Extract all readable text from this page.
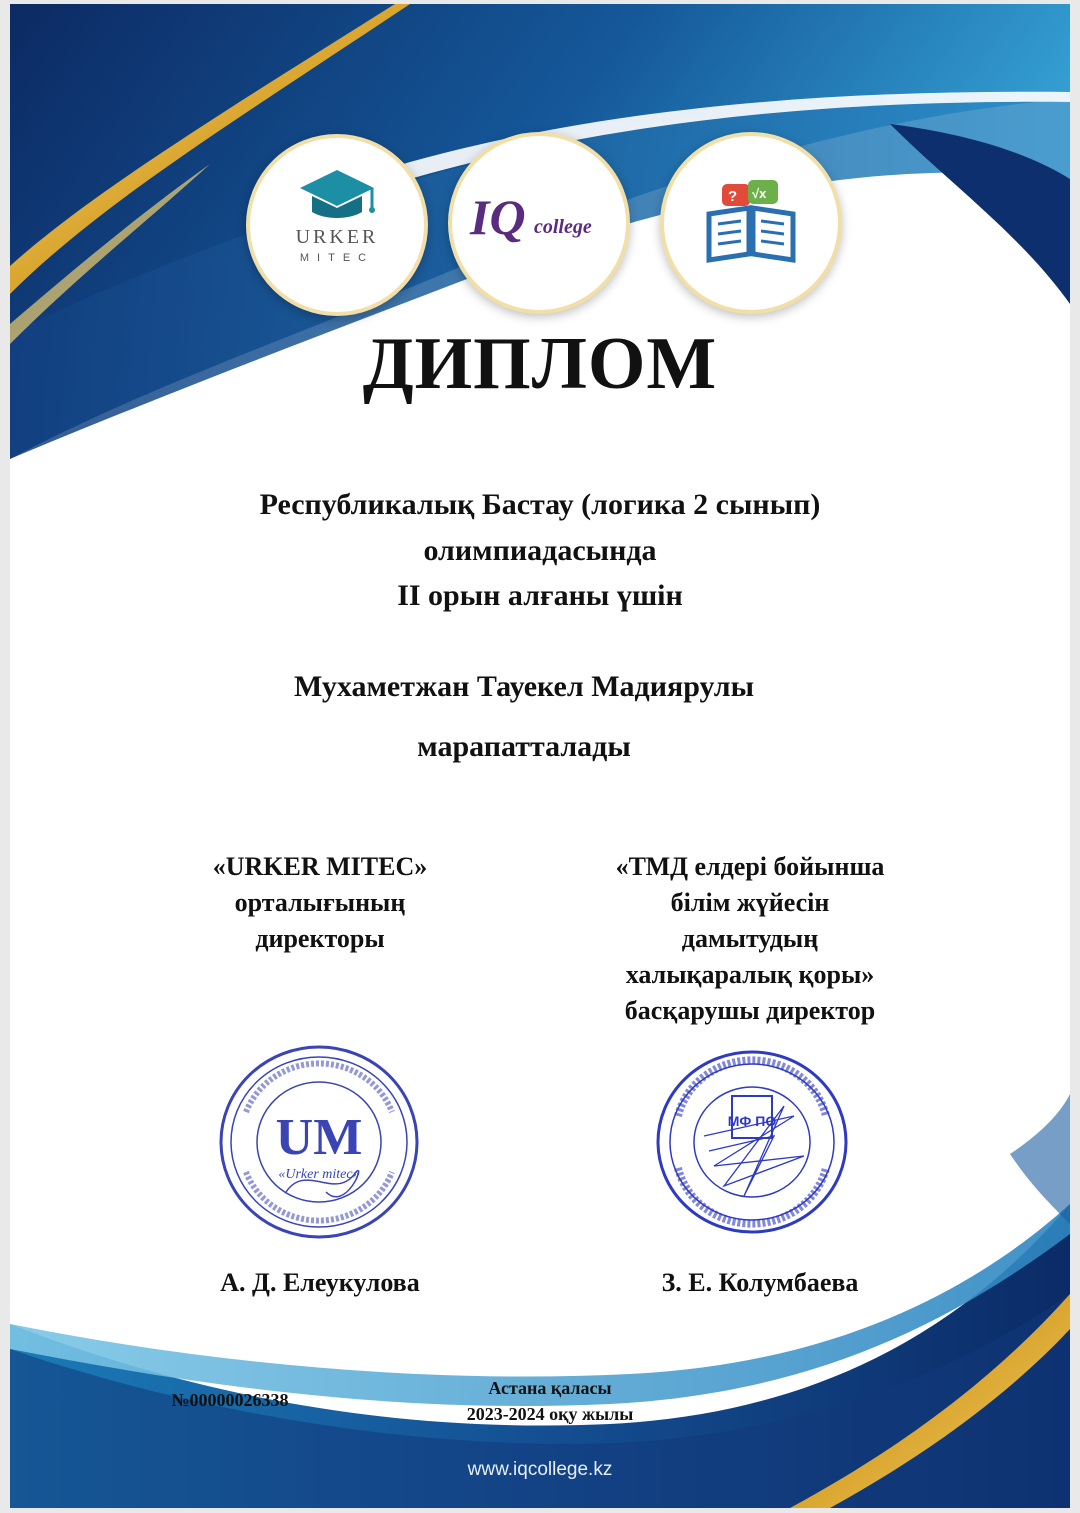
URKER
MITEC
IQ college
? √x
ДИПЛОМ
Республикалық Бастау (логика 2 сынып)
олимпиадасында
II орын алғаны үшін
Мухаметжан Тауекел Мадиярулы
марапатталады
«URKER MITEC»
орталығының
директоры
«ТМД елдері бойынша
білім жүйесін
дамытудың
халықаралық қоры»
басқарушы директор
UM
«Urker mitec»
МФ ПО
А. Д. Елеукулова	З. Е. Колумбаева
№00000026338
Астана қаласы
2023-2024 оқу жылы
www.iqcollege.kz
